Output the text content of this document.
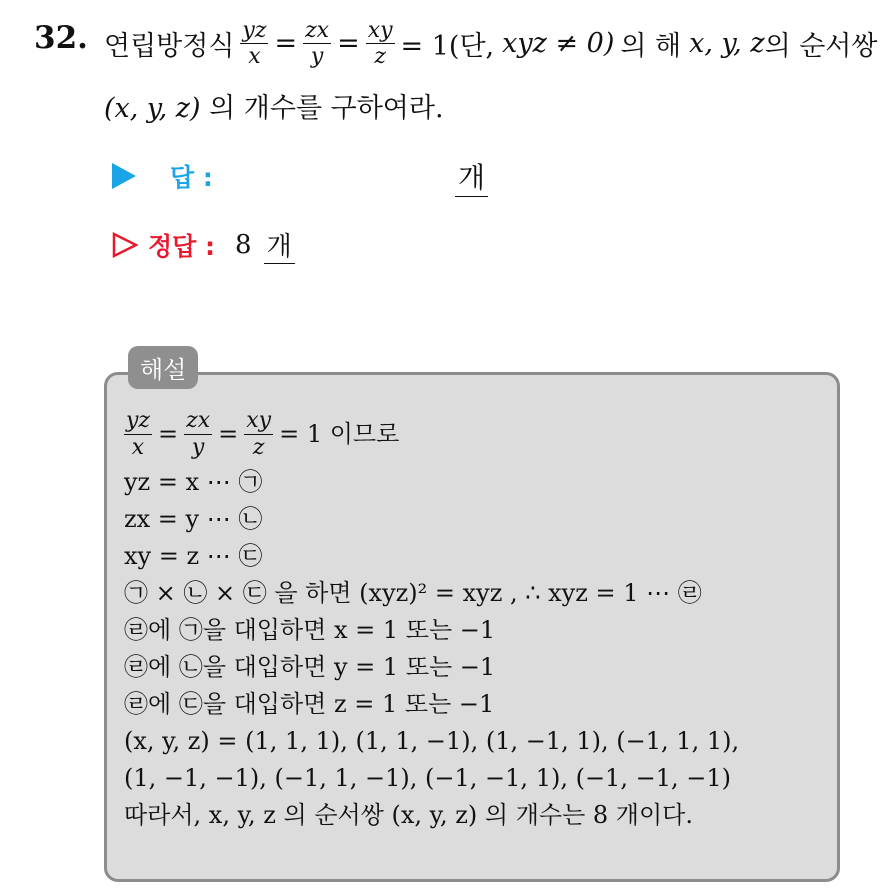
32. 연립방정식 $\frac{yz}{x} = \frac{zx}{y} = \frac{xy}{z} = 1$(단, xyz ≠ 0) 의 해 x, y, z 의 순서쌍
(x, y, z) 의 개수를 구하여라.
답 :	개
정답 : 8 개
해설
$\frac{yz}{x} = \frac{zx}{y} = \frac{xy}{z} = 1$ 이므로
yz = x ⋯ ㉠
zx = y ⋯ ㉡
xy = z ⋯ ㉢
㉠ × ㉡ × ㉢ 을 하면 (xyz)² = xyz , ∴ xyz = 1 ⋯ ㉣
㉣에 ㉠을 대입하면 x = 1 또는 −1
㉣에 ㉡을 대입하면 y = 1 또는 −1
㉣에 ㉢을 대입하면 z = 1 또는 −1
(x, y, z) = (1, 1, 1), (1, 1, −1), (1, −1, 1), (−1, 1, 1),
(1, −1, −1), (−1, 1, −1), (−1, −1, 1), (−1, −1, −1)
따라서, x, y, z 의 순서쌍 (x, y, z) 의 개수는 8 개이다.
